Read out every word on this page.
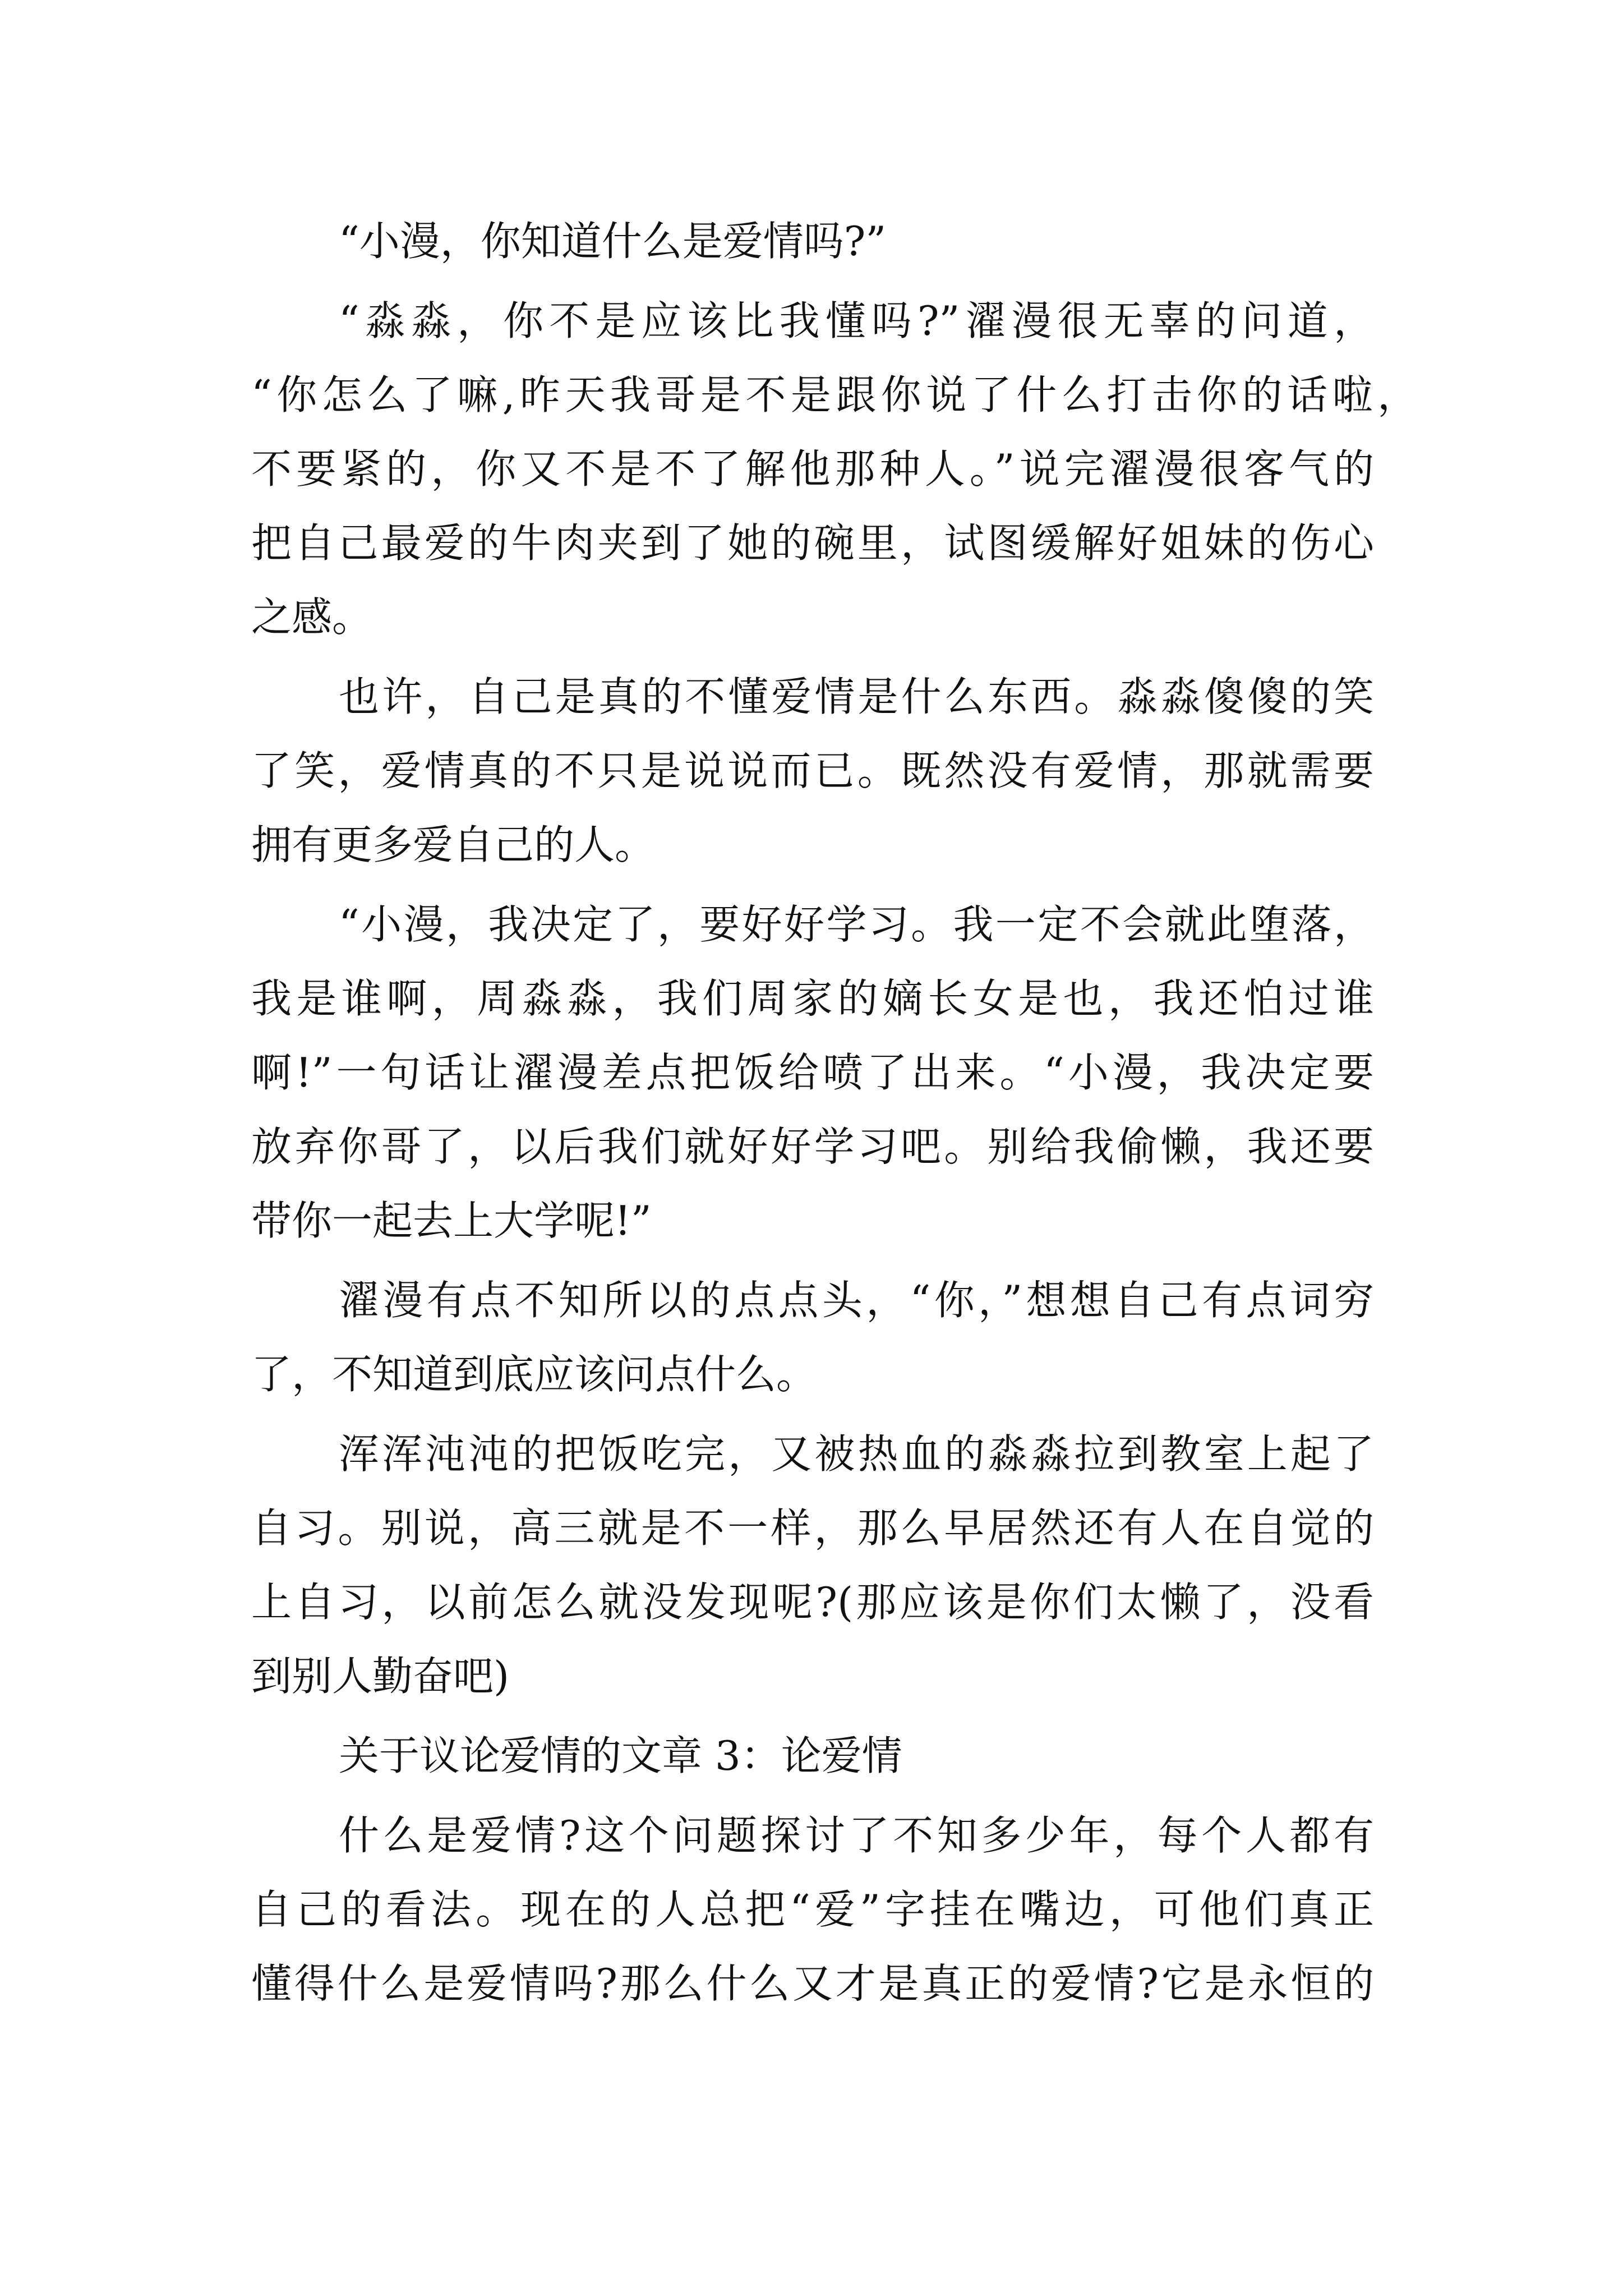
“小漫，你知道什么是爱情吗?”
“淼淼，你不是应该比我懂吗?”濯漫很无辜的问道，
“你怎么了嘛,昨天我哥是不是跟你说了什么打击你的话啦，
不要紧的，你又不是不了解他那种人。”说完濯漫很客气的
把自己最爱的牛肉夹到了她的碗里，试图缓解好姐妹的伤心
之感。
也许，自己是真的不懂爱情是什么东西。淼淼傻傻的笑
了笑，爱情真的不只是说说而已。既然没有爱情，那就需要
拥有更多爱自己的人。
“小漫，我决定了，要好好学习。我一定不会就此堕落，
我是谁啊，周淼淼，我们周家的嫡长女是也，我还怕过谁
啊!”一句话让濯漫差点把饭给喷了出来。“小漫，我决定要
放弃你哥了，以后我们就好好学习吧。别给我偷懒，我还要
带你一起去上大学呢!”
濯漫有点不知所以的点点头，“你，”想想自己有点词穷
了，不知道到底应该问点什么。
浑浑沌沌的把饭吃完，又被热血的淼淼拉到教室上起了
自习。别说，高三就是不一样，那么早居然还有人在自觉的
上自习，以前怎么就没发现呢?(那应该是你们太懒了，没看
到别人勤奋吧)
关于议论爱情的文章 3：论爱情
什么是爱情?这个问题探讨了不知多少年，每个人都有
自己的看法。现在的人总把“爱”字挂在嘴边，可他们真正
懂得什么是爱情吗?那么什么又才是真正的爱情?它是永恒的
